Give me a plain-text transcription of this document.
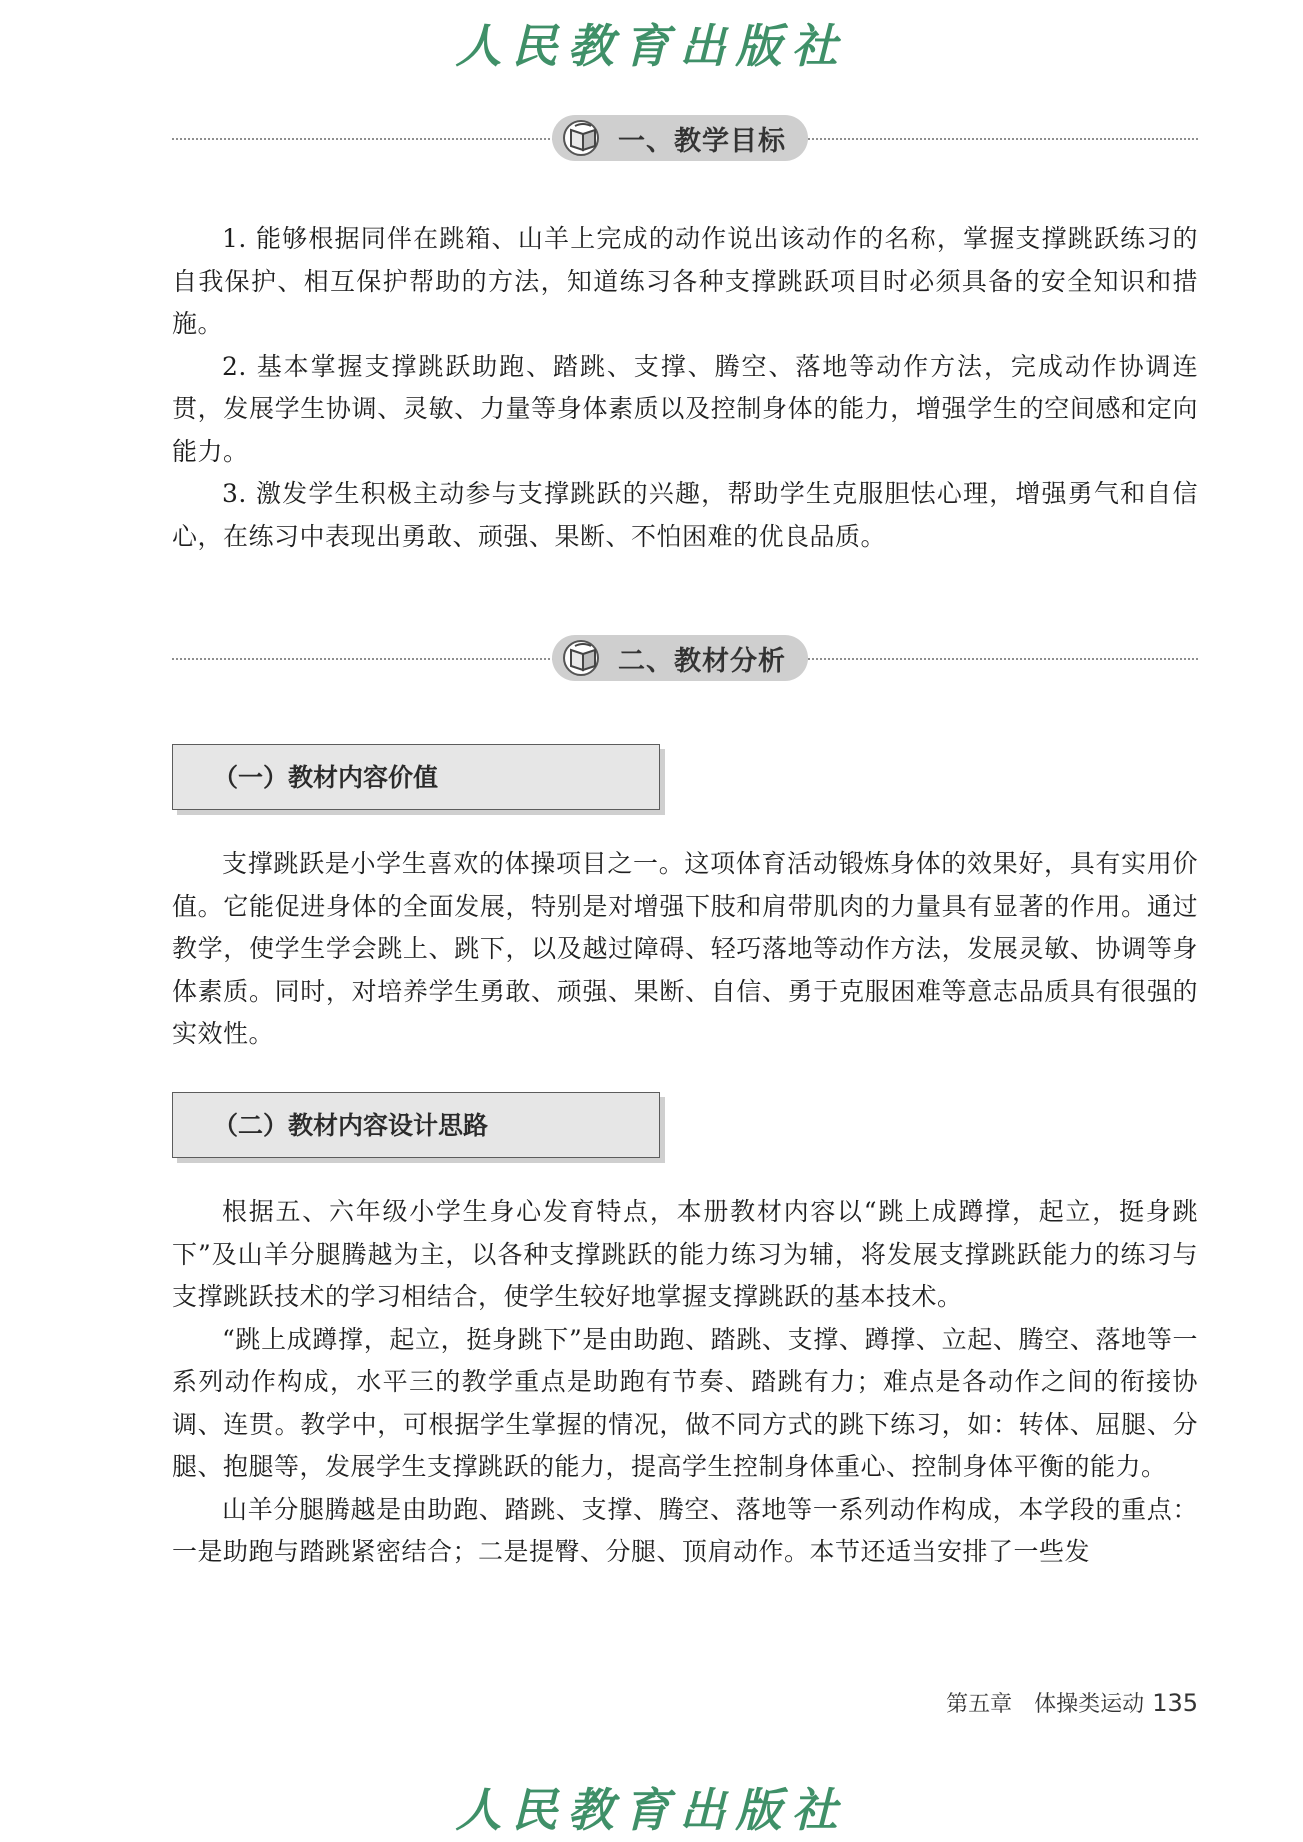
人民教育出版社
一、教学目标

1. 能够根据同伴在跳箱、山羊上完成的动作说出该动作的名称，掌握支撑跳跃练习的自我保护、相互保护帮助的方法，知道练习各种支撑跳跃项目时必须具备的安全知识和措施。

2. 基本掌握支撑跳跃助跑、踏跳、支撑、腾空、落地等动作方法，完成动作协调连贯，发展学生协调、灵敏、力量等身体素质以及控制身体的能力，增强学生的空间感和定向能力。

3. 激发学生积极主动参与支撑跳跃的兴趣，帮助学生克服胆怯心理，增强勇气和自信心，在练习中表现出勇敢、顽强、果断、不怕困难的优良品质。

二、教材分析
（一）教材内容价值

支撑跳跃是小学生喜欢的体操项目之一。这项体育活动锻炼身体的效果好，具有实用价值。它能促进身体的全面发展，特别是对增强下肢和肩带肌肉的力量具有显著的作用。通过教学，使学生学会跳上、跳下，以及越过障碍、轻巧落地等动作方法，发展灵敏、协调等身体素质。同时，对培养学生勇敢、顽强、果断、自信、勇于克服困难等意志品质具有很强的实效性。

（二）教材内容设计思路

根据五、六年级小学生身心发育特点，本册教材内容以“跳上成蹲撑，起立，挺身跳下”及山羊分腿腾越为主，以各种支撑跳跃的能力练习为辅，将发展支撑跳跃能力的练习与支撑跳跃技术的学习相结合，使学生较好地掌握支撑跳跃的基本技术。

“跳上成蹲撑，起立，挺身跳下”是由助跑、踏跳、支撑、蹲撑、立起、腾空、落地等一系列动作构成，水平三的教学重点是助跑有节奏、踏跳有力；难点是各动作之间的衔接协调、连贯。教学中，可根据学生掌握的情况，做不同方式的跳下练习，如：转体、屈腿、分腿、抱腿等，发展学生支撑跳跃的能力，提高学生控制身体重心、控制身体平衡的能力。

山羊分腿腾越是由助跑、踏跳、支撑、腾空、落地等一系列动作构成，本学段的重点：一是助跑与踏跳紧密结合；二是提臀、分腿、顶肩动作。本节还适当安排了一些发

第五章　体操类运动 135
人民教育出版社
